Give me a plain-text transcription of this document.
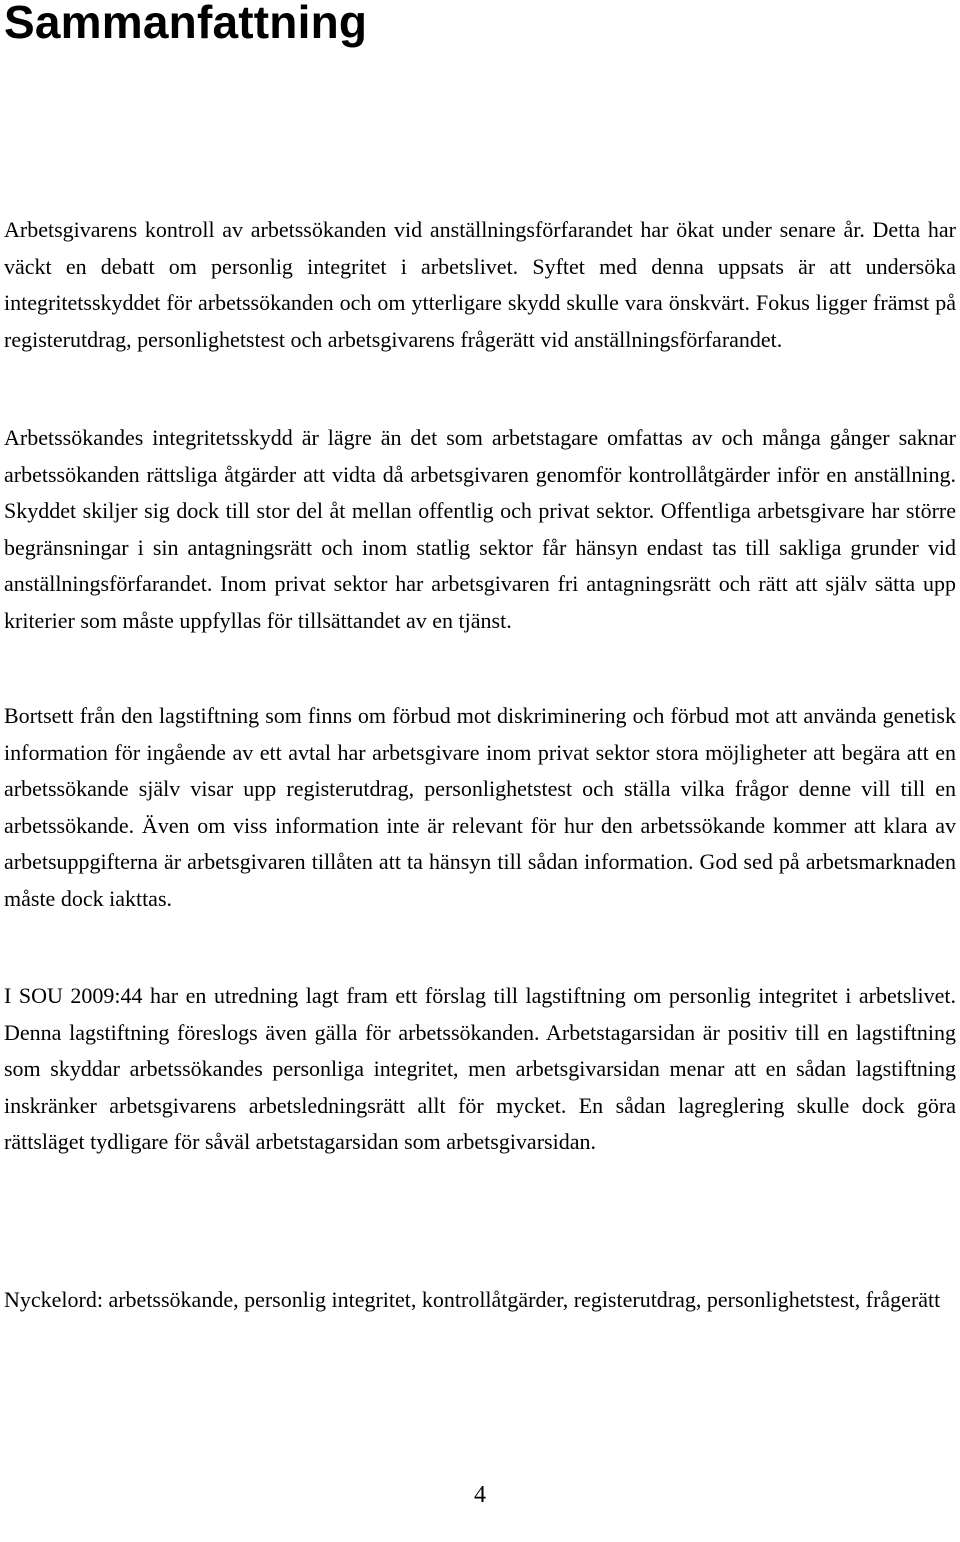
Sammanfattning

Arbetsgivarens kontroll av arbetssökanden vid anställningsförfarandet har ökat under senare år. Detta har väckt en debatt om personlig integritet i arbetslivet. Syftet med denna uppsats är att undersöka integritetsskyddet för arbetssökanden och om ytterligare skydd skulle vara önskvärt. Fokus ligger främst på registerutdrag, personlighetstest och arbetsgivarens frågerätt vid anställningsförfarandet.

Arbetssökandes integritetsskydd är lägre än det som arbetstagare omfattas av och många gånger saknar arbetssökanden rättsliga åtgärder att vidta då arbetsgivaren genomför kontrollåtgärder inför en anställning. Skyddet skiljer sig dock till stor del åt mellan offentlig och privat sektor. Offentliga arbetsgivare har större begränsningar i sin antagningsrätt och inom statlig sektor får hänsyn endast tas till sakliga grunder vid anställningsförfarandet. Inom privat sektor har arbetsgivaren fri antagningsrätt och rätt att själv sätta upp kriterier som måste uppfyllas för tillsättandet av en tjänst.

Bortsett från den lagstiftning som finns om förbud mot diskriminering och förbud mot att använda genetisk information för ingående av ett avtal har arbetsgivare inom privat sektor stora möjligheter att begära att en arbetssökande själv visar upp registerutdrag, personlighetstest och ställa vilka frågor denne vill till en arbetssökande. Även om viss information inte är relevant för hur den arbetssökande kommer att klara av arbetsuppgifterna är arbetsgivaren tillåten att ta hänsyn till sådan information. God sed på arbetsmarknaden måste dock iakttas.

I SOU 2009:44 har en utredning lagt fram ett förslag till lagstiftning om personlig integritet i arbetslivet. Denna lagstiftning föreslogs även gälla för arbetssökanden. Arbetstagarsidan är positiv till en lagstiftning som skyddar arbetssökandes personliga integritet, men arbetsgivarsidan menar att en sådan lagstiftning inskränker arbetsgivarens arbetsledningsrätt allt för mycket. En sådan lagreglering skulle dock göra rättsläget tydligare för såväl arbetstagarsidan som arbetsgivarsidan.

Nyckelord: arbetssökande, personlig integritet, kontrollåtgärder, registerutdrag, personlighetstest, frågerätt

4
